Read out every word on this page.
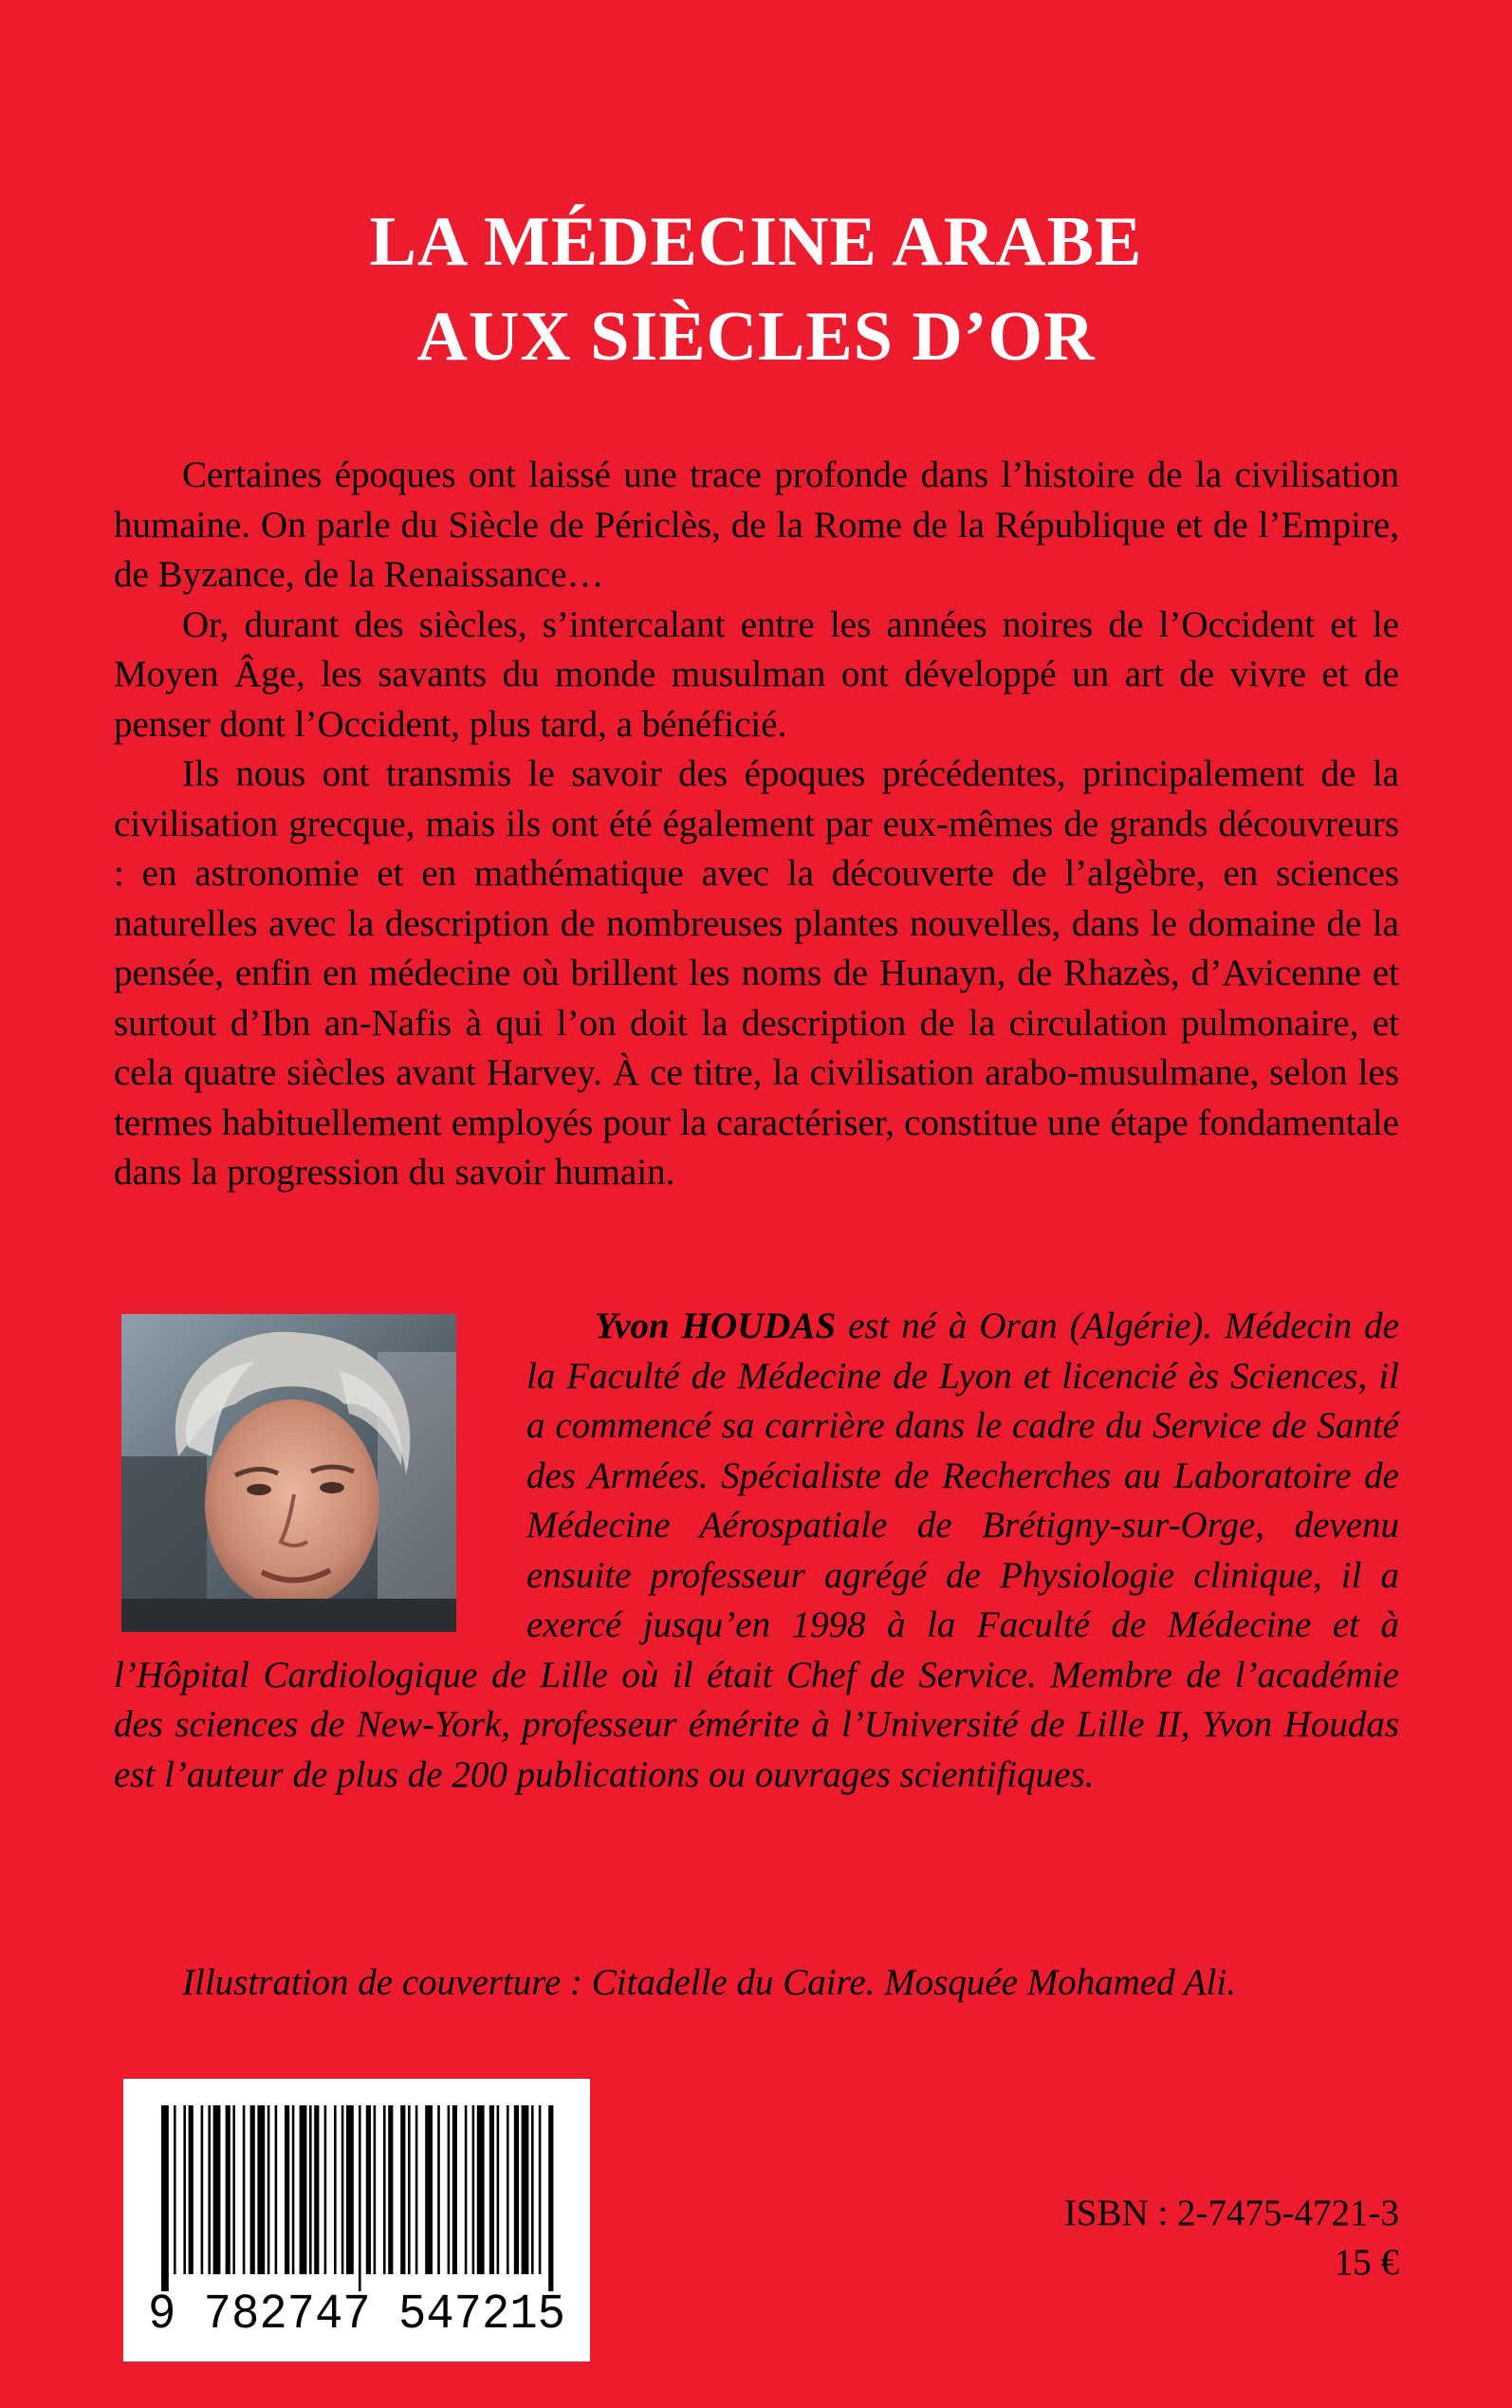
LA MÉDECINE ARABE
AUX SIÈCLES D’OR

Certaines époques ont laissé une trace profonde dans l’histoire de la civilisation humaine. On parle du Siècle de Périclès, de la Rome de la République et de l’Empire, de Byzance, de la Renaissance…

Or, durant des siècles, s’intercalant entre les années noires de l’Occident et le Moyen Âge, les savants du monde musulman ont développé un art de vivre et de penser dont l’Occident, plus tard, a bénéficié.

Ils nous ont transmis le savoir des époques précédentes, principalement de la civilisation grecque, mais ils ont été également par eux-mêmes de grands découvreurs : en astronomie et en mathématique avec la découverte de l’algèbre, en sciences naturelles avec la description de nombreuses plantes nouvelles, dans le domaine de la pensée, enfin en médecine où brillent les noms de Hunayn, de Rhazès, d’Avicenne et surtout d’Ibn an-Nafis à qui l’on doit la description de la circulation pulmonaire, et cela quatre siècles avant Harvey. À ce titre, la civilisation arabo-musulmane, selon les termes habituellement employés pour la caractériser, constitue une étape fondamentale dans la progression du savoir humain.

Yvon HOUDAS est né à Oran (Algérie). Médecin de la Faculté de Médecine de Lyon et licencié ès Sciences, il a commencé sa carrière dans le cadre du Service de Santé des Armées. Spécialiste de Recherches au Laboratoire de Médecine Aérospatiale de Brétigny-sur-Orge, devenu ensuite professeur agrégé de Physiologie clinique, il a exercé jusqu’en 1998 à la Faculté de Médecine et à l’Hôpital Cardiologique de Lille où il était Chef de Service. Membre de l’académie des sciences de New-York, professeur émérite à l’Université de Lille II, Yvon Houdas est l’auteur de plus de 200 publications ou ouvrages scientifiques.
Illustration de couverture : Citadelle du Caire. Mosquée Mohamed Ali.
9 782747 547215
ISBN : 2-7475-4721-3
15 €
